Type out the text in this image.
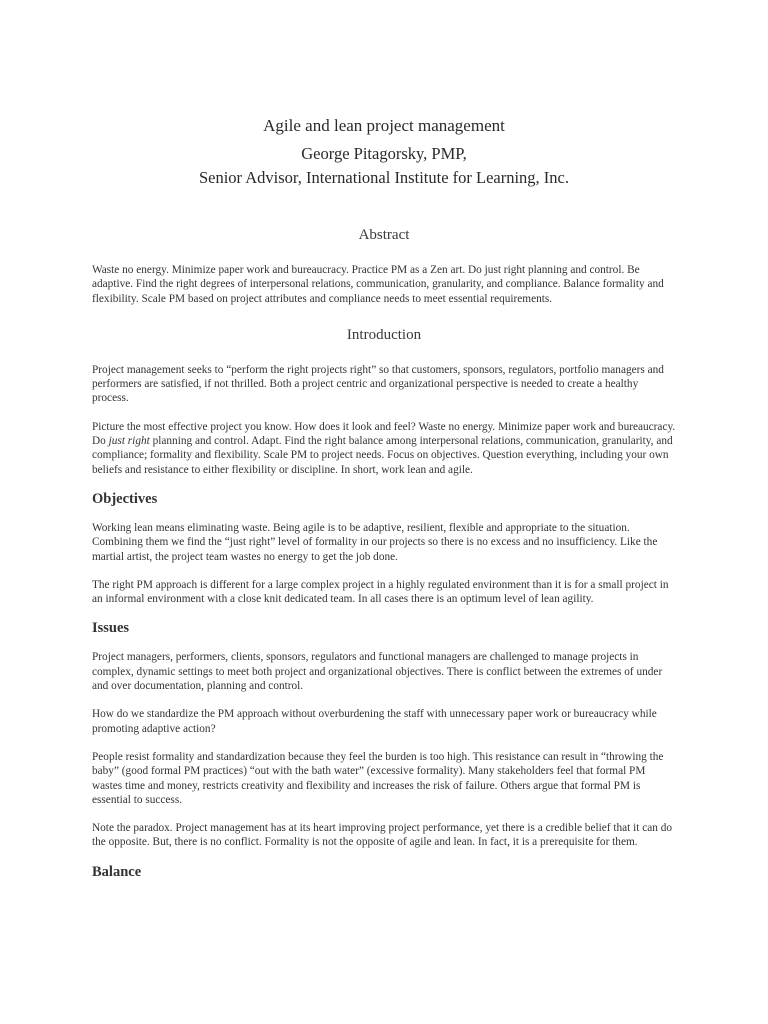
Agile and lean project management
George Pitagorsky, PMP,
Senior Advisor, International Institute for Learning, Inc.
Abstract

Waste no energy. Minimize paper work and bureaucracy. Practice PM as a Zen art. Do just right planning and control. Be adaptive. Find the right degrees of interpersonal relations, communication, granularity, and compliance. Balance formality and flexibility. Scale PM based on project attributes and compliance needs to meet essential requirements.

Introduction

Project management seeks to “perform the right projects right” so that customers, sponsors, regulators, portfolio managers and performers are satisfied, if not thrilled. Both a project centric and organizational perspective is needed to create a healthy process.

Picture the most effective project you know. How does it look and feel? Waste no energy. Minimize paper work and bureaucracy. Do just right planning and control. Adapt. Find the right balance among interpersonal relations, communication, granularity, and compliance; formality and flexibility. Scale PM to project needs. Focus on objectives. Question everything, including your own beliefs and resistance to either flexibility or discipline. In short, work lean and agile.

Objectives

Working lean means eliminating waste. Being agile is to be adaptive, resilient, flexible and appropriate to the situation. Combining them we find the “just right” level of formality in our projects so there is no excess and no insufficiency. Like the martial artist, the project team wastes no energy to get the job done.

The right PM approach is different for a large complex project in a highly regulated environment than it is for a small project in an informal environment with a close knit dedicated team. In all cases there is an optimum level of lean agility.

Issues

Project managers, performers, clients, sponsors, regulators and functional managers are challenged to manage projects in complex, dynamic settings to meet both project and organizational objectives. There is conflict between the extremes of under and over documentation, planning and control.

How do we standardize the PM approach without overburdening the staff with unnecessary paper work or bureaucracy while promoting adaptive action?

People resist formality and standardization because they feel the burden is too high. This resistance can result in “throwing the baby” (good formal PM practices) “out with the bath water” (excessive formality). Many stakeholders feel that formal PM wastes time and money, restricts creativity and flexibility and increases the risk of failure. Others argue that formal PM is essential to success.

Note the paradox. Project management has at its heart improving project performance, yet there is a credible belief that it can do the opposite. But, there is no conflict. Formality is not the opposite of agile and lean. In fact, it is a prerequisite for them.

Balance
